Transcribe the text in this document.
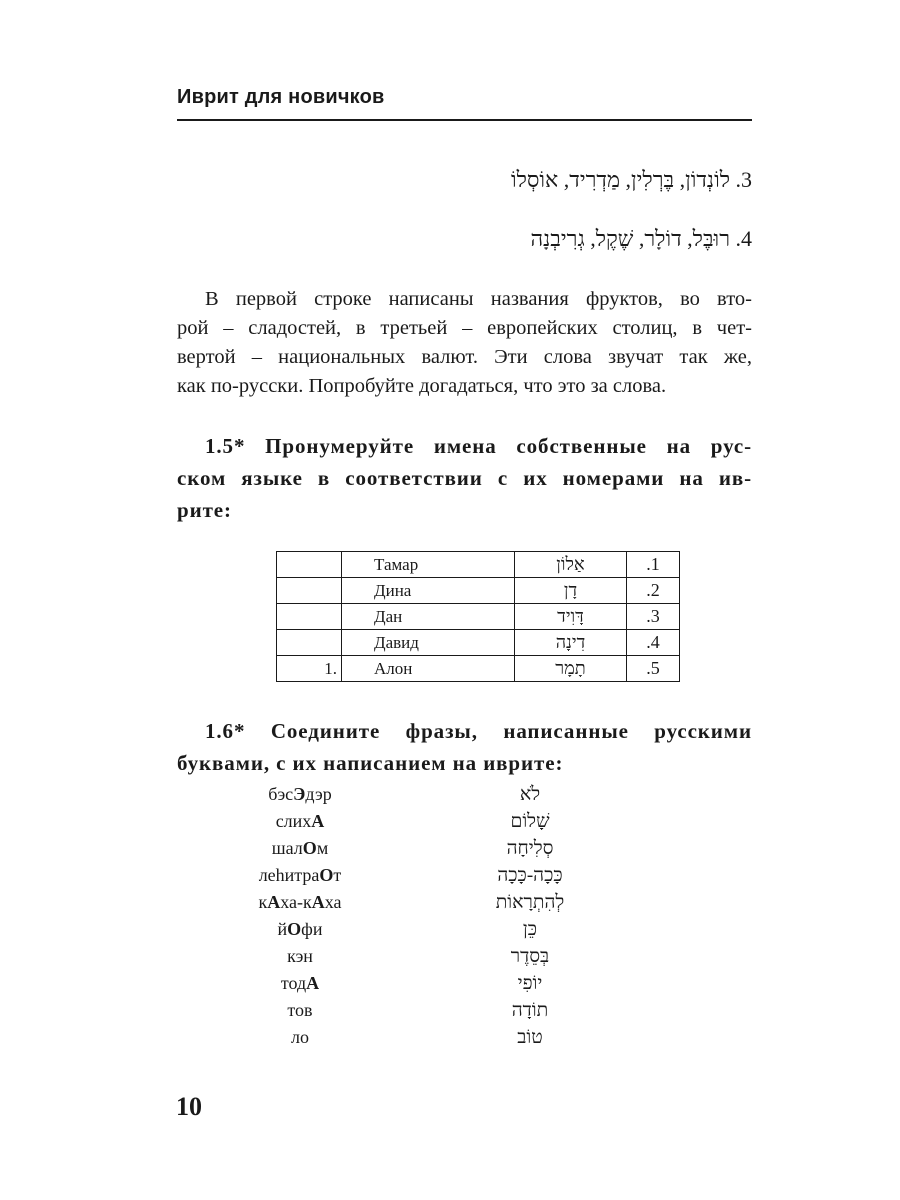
Иврит для новичков
3. לוֹנְדוֹן, בֶּרְלִין, מַדְרִיד, אוֹסְלוֹ
4. רוּבֶּל, דוֹלָר, שֶׁקֶל, גְרִיבְנָה
В первой строке написаны названия фруктов, во вто-
рой – сладостей, в третьей – европейских столиц, в чет-
вертой – национальных валют. Эти слова звучат так же,
как по-русски. Попробуйте догадаться, что это за слова.
1.5* Пронумеруйте имена собственные на рус-
ском языке в соответствии с их номерами на ив-
рите:
	Тамар	אַלוֹן	.1
	Дина	דָן	.2
	Дан	דָּוִיד	.3
	Давид	דִינָה	.4
1.	Алон	תָמָר	.5
1.6* Соедините фразы, написанные русскими
буквами, с их написанием на иврите:
бэсЭдэр	לֹא
слихА	שָׁלוֹם
шалОм	סְלִיחָה
леhитраОт	כָּכָה-כָּכָה
кАха-кАха	לְהִתְרָאוֹת
йОфи	כֵּן
кэн	בְּסֵדֶר
тодА	יוֹפִי
тов	תוֹדָה
ло	טוֹב
10
